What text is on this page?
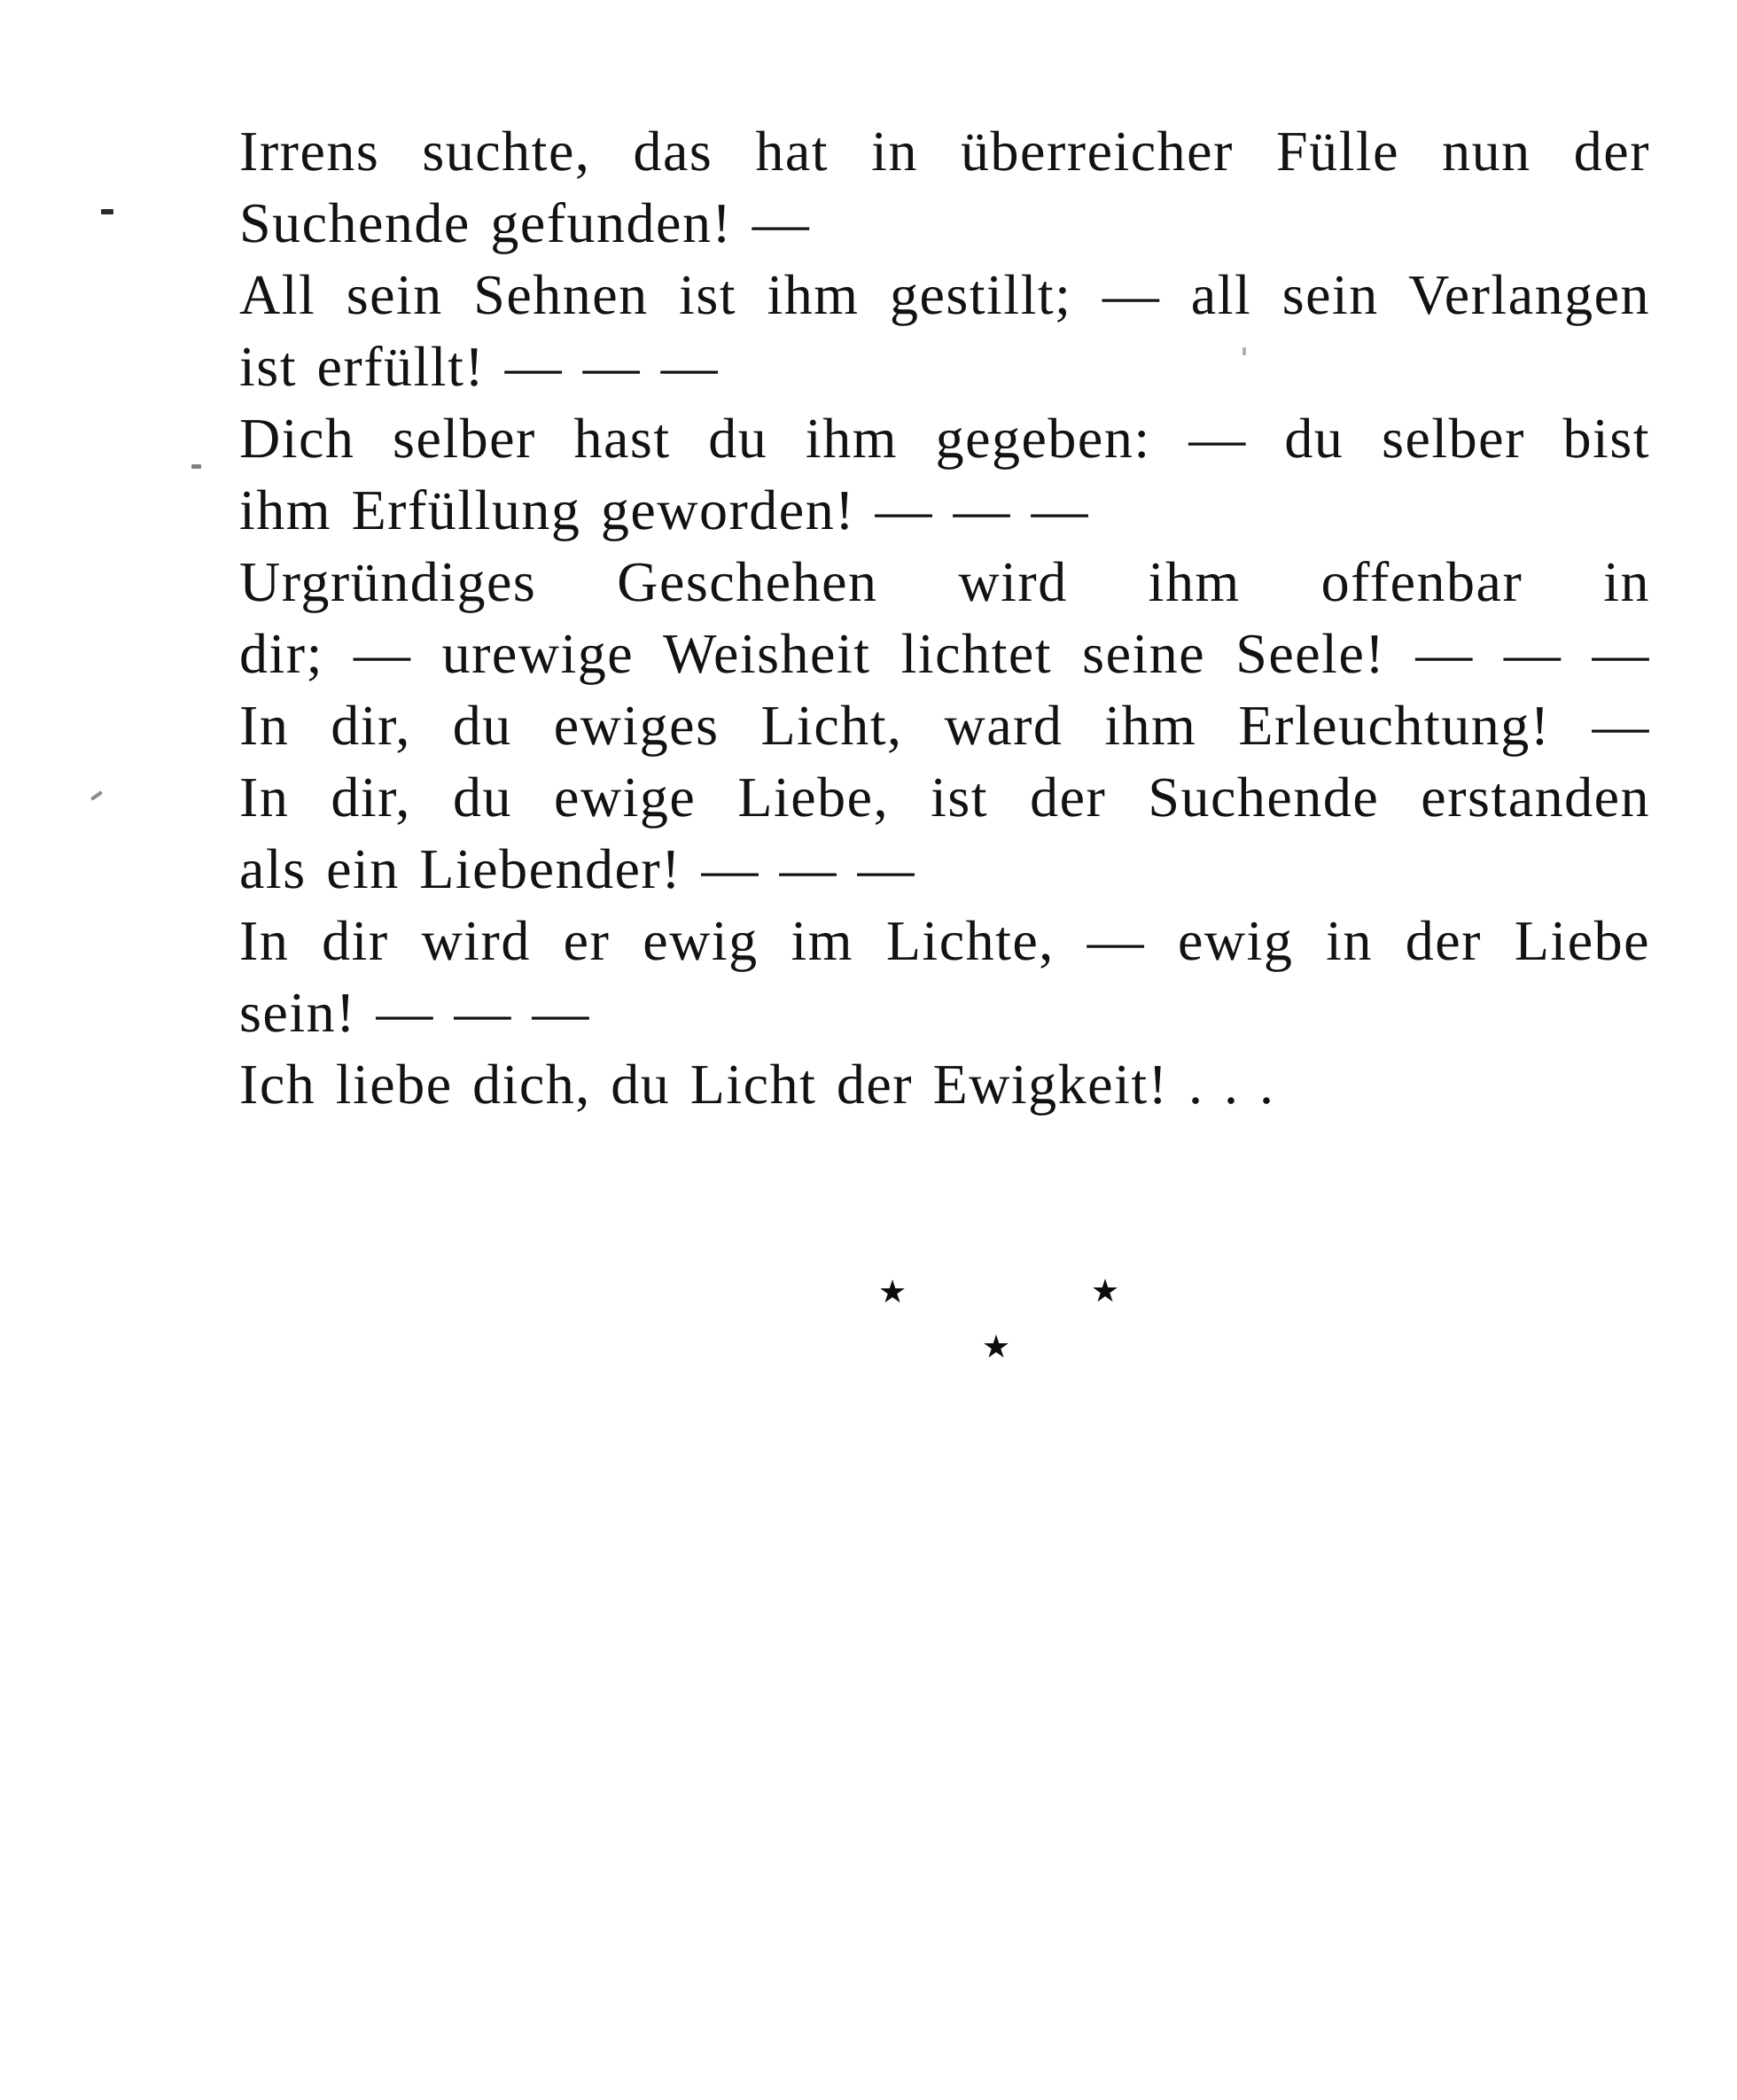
Irrens suchte, das hat in überreicher Fülle nun der
Suchende gefunden! —
All sein Sehnen ist ihm gestillt; — all sein Verlangen
ist erfüllt! — — —
Dich selber hast du ihm gegeben: — du selber bist
ihm Erfüllung geworden! — — —
Urgründiges Geschehen wird ihm offenbar in
dir; — urewige Weisheit lichtet seine Seele! — — —
In dir, du ewiges Licht, ward ihm Erleuchtung! —
In dir, du ewige Liebe, ist der Suchende erstanden
als ein Liebender! — — —
In dir wird er ewig im Lichte, — ewig in der Liebe
sein! — — —
Ich liebe dich, du Licht der Ewigkeit! . . .
★	★
★
